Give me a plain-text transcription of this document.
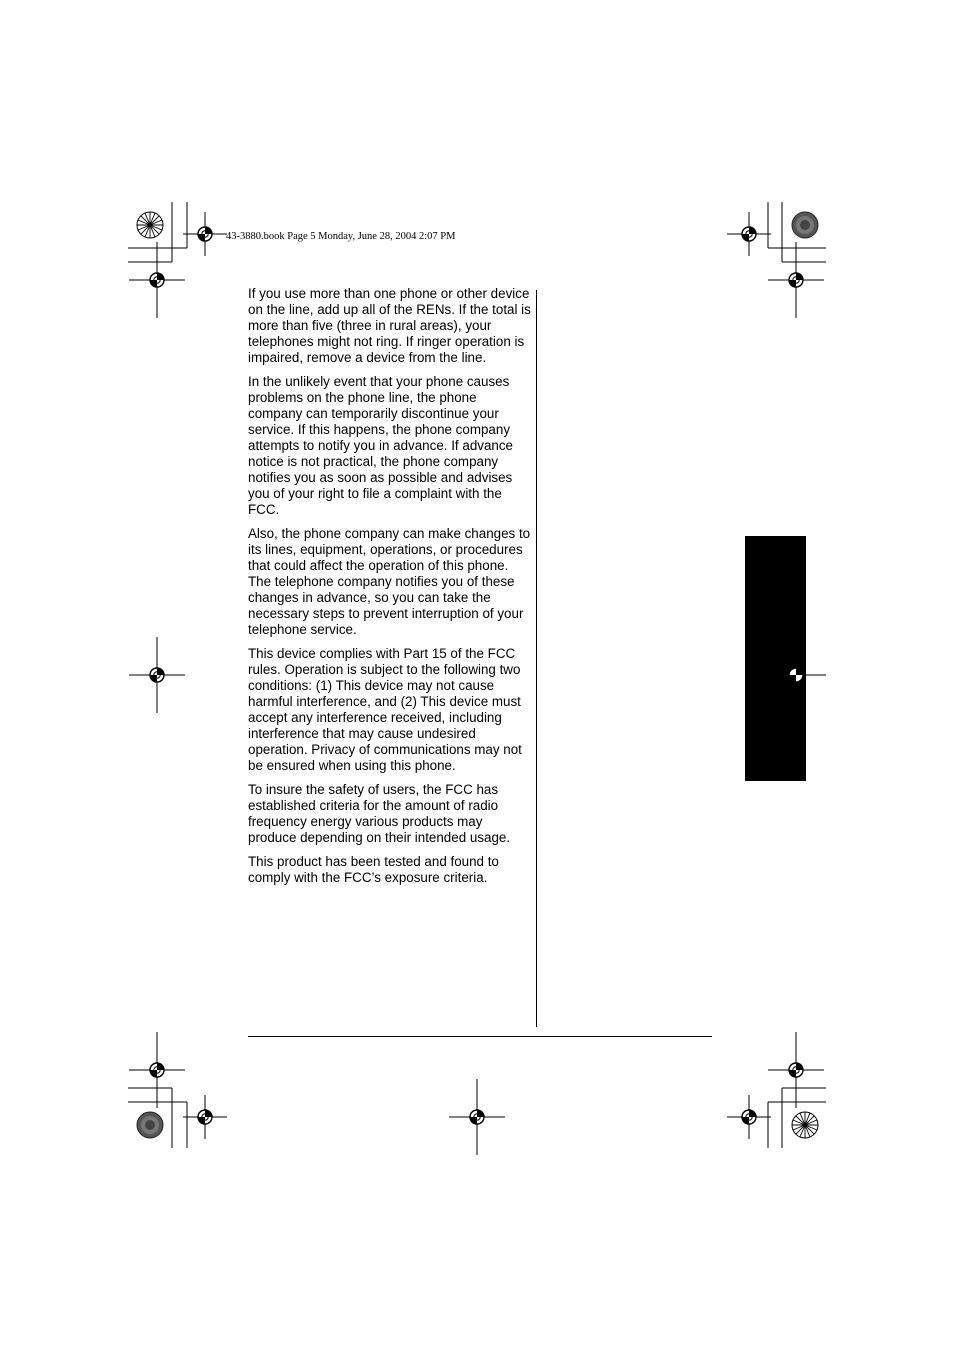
43-3880.book Page 5 Monday, June 28, 2004 2:07 PM

If you use more than one phone or other device on the line, add up all of the RENs. If the total is more than five (three in rural areas), your telephones might not ring. If ringer operation is impaired, remove a device from the line.

In the unlikely event that your phone causes problems on the phone line, the phone company can temporarily discontinue your service. If this happens, the phone company attempts to notify you in advance. If advance notice is not practical, the phone company notifies you as soon as possible and advises you of your right to file a complaint with the FCC.

Also, the phone company can make changes to its lines, equipment, operations, or procedures that could affect the operation of this phone. The telephone company notifies you of these changes in advance, so you can take the necessary steps to prevent interruption of your telephone service.

This device complies with Part 15 of the FCC rules. Operation is subject to the following two conditions: (1) This device may not cause harmful interference, and (2) This device must accept any interference received, including interference that may cause undesired operation. Privacy of communications may not be ensured when using this phone.

To insure the safety of users, the FCC has established criteria for the amount of radio frequency energy various products may produce depending on their intended usage.

This product has been tested and found to comply with the FCC’s exposure criteria.
